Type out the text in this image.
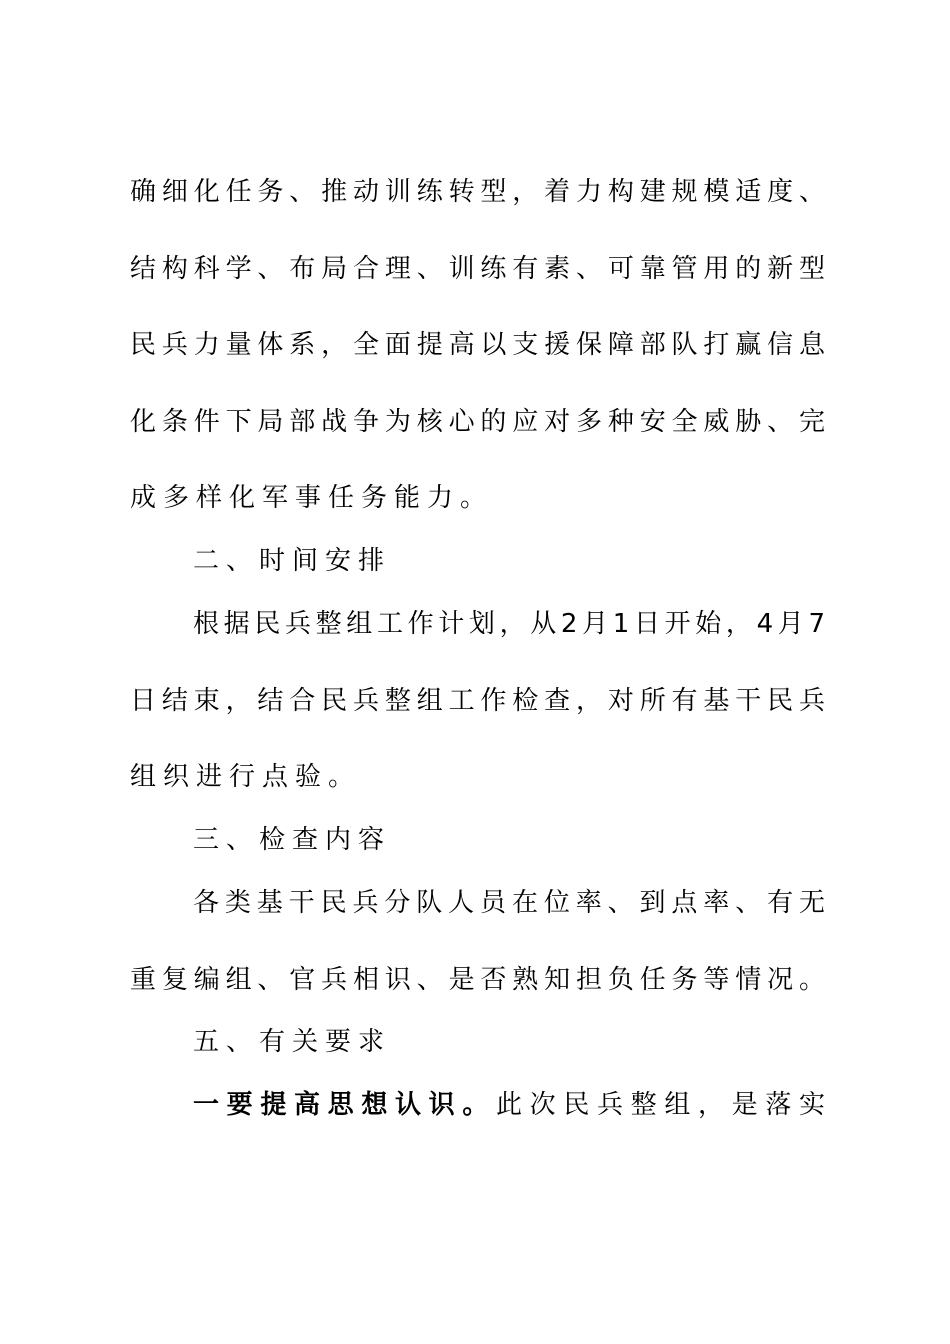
确细化任务、推动训练转型，着力构建规模适度、
结构科学、布局合理、训练有素、可靠管用的新型
民兵力量体系，全面提高以支援保障部队打赢信息
化条件下局部战争为核心的应对多种安全威胁、完
成多样化军事任务能力。
二、时间安排
根据民兵整组工作计划，从2月1日开始，4月7
日结束，结合民兵整组工作检查，对所有基干民兵
组织进行点验。
三、检查内容
各类基干民兵分队人员在位率、到点率、有无
重复编组、官兵相识、是否熟知担负任务等情况。
五、有关要求
一要提高思想认识。此次民兵整组，是落实
